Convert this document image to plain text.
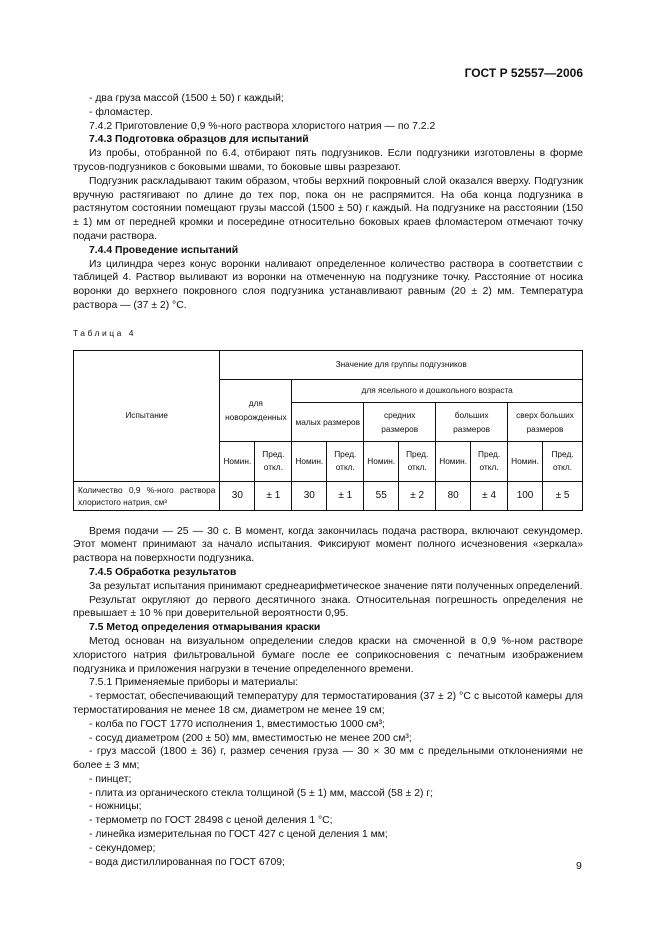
ГОСТ Р 52557—2006

- два груза массой (1500 ± 50) г каждый;

- фломастер.

7.4.2 Приготовление 0,9 %-ного раствора хлористого натрия — по 7.2.2

7.4.3 Подготовка образцов для испытаний

Из пробы, отобранной по 6.4, отбирают пять подгузников. Если подгузники изготовлены в форме трусов-подгузников с боковыми швами, то боковые швы разрезают.

Подгузник раскладывают таким образом, чтобы верхний покровный слой оказался вверху. Подгузник вручную растягивают по длине до тех пор, пока он не распрямится. На оба конца подгузника в растянутом состоянии помещают грузы массой (1500 ± 50) г каждый. На подгузнике на расстоянии (150 ± 1) мм от передней кромки и посередине относительно боковых краев фломастером отмечают точку подачи раствора.

7.4.4 Проведение испытаний

Из цилиндра через конус воронки наливают определенное количество раствора в соответствии с таблицей 4. Раствор выливают из воронки на отмеченную на подгузнике точку. Расстояние от носика воронки до верхнего покровного слоя подгузника устанавливают равным (20 ± 2) мм. Температура раствора — (37 ± 2) °С.

Таблица 4
Испытание	Значение для группы подгузников									
	для новорожденных		для ясельного и дошкольного возраста							
			малых размеров		средних размеров		больших размеров		сверх больших размеров	
	Номин.	Пред. откл.	Номин.	Пред. откл.	Номин.	Пред. откл.	Номин.	Пред. откл.	Номин.	Пред. откл.
Количество 0,9 %-ного раствора хлористого натрия, см³	30	± 1	30	± 1	55	± 2	80	± 4	100	± 5

Время подачи — 25 — 30 с. В момент, когда закончилась подача раствора, включают секундомер. Этот момент принимают за начало испытания. Фиксируют момент полного исчезновения «зеркала» раствора на поверхности подгузника.

7.4.5 Обработка результатов

За результат испытания принимают среднеарифметическое значение пяти полученных определений.

Результат округляют до первого десятичного знака. Относительная погрешность определения не превышает ± 10 % при доверительной вероятности 0,95.

7.5 Метод определения отмарывания краски

Метод основан на визуальном определении следов краски на смоченной в 0,9 %-ном растворе хлористого натрия фильтровальной бумаге после ее соприкосновения с печатным изображением подгузника и приложения нагрузки в течение определенного времени.

7.5.1 Применяемые приборы и материалы:

- термостат, обеспечивающий температуру для термостатирования (37 ± 2) °С с высотой камеры для термостатирования не менее 18 см, диаметром не менее 19 см;

- колба по ГОСТ 1770 исполнения 1, вместимостью 1000 см³;

- сосуд диаметром (200 ± 50) мм, вместимостью не менее 200 см³;

- груз массой (1800 ± 36) г, размер сечения груза — 30 × 30 мм с предельными отклонениями не более ± 3 мм;

- пинцет;

- плита из органического стекла толщиной (5 ± 1) мм, массой (58 ± 2) г;

- ножницы;

- термометр по ГОСТ 28498 с ценой деления 1 °С;

- линейка измерительная по ГОСТ 427 с ценой деления 1 мм;

- секундомер;

- вода дистиллированная по ГОСТ 6709;	9
